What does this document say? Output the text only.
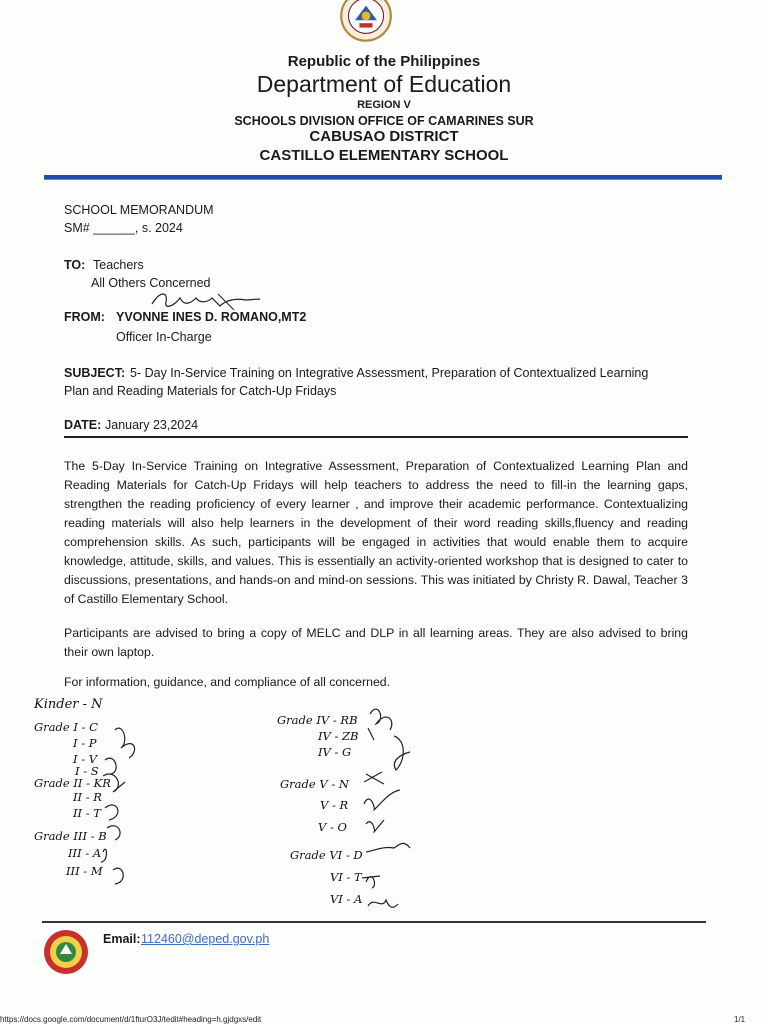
Republic of the Philippines
Department of Education
REGION V
SCHOOLS DIVISION OFFICE OF CAMARINES SUR
CABUSAO DISTRICT
CASTILLO ELEMENTARY SCHOOL
SCHOOL MEMORANDUM
SM# ______, s. 2024
TO: Teachers
All Others Concerned
FROM: YVONNE INES D. ROMANO,MT2
Officer In-Charge
SUBJECT: 5- Day In-Service Training on Integrative Assessment, Preparation of Contextualized Learning
Plan and Reading Materials for Catch-Up Fridays
DATE: January 23,2024
The 5-Day In-Service Training on Integrative Assessment, Preparation of Contextualized Learning Plan and Reading Materials for Catch-Up Fridays will help teachers to address the need to fill-in the learning gaps, strengthen the reading proficiency of every learner , and improve their academic performance. Contextualizing reading materials will also help learners in the development of their word reading skills,fluency and reading comprehension skills. As such, participants will be engaged in activities that would enable them to acquire knowledge, attitude, skills, and values. This is essentially an activity-oriented workshop that is designed to cater to discussions, presentations, and hands-on and mind-on sessions. This was initiated by Christy R. Dawal, Teacher 3 of Castillo Elementary School.
Participants are advised to bring a copy of MELC and DLP in all learning areas. They are also advised to bring their own laptop.
For information, guidance, and compliance of all concerned.
Kinder - N
Grade I - C
I - P
I - V
I - S
Grade II - KR
II - R
II - T
Grade III - B
III - A
III - M
Grade IV - RB
IV - ZB
IV - G
Grade V - N
V - R
V - O
Grade VI - D
VI - T
VI - A
Email: 112460@deped.gov.ph
https://docs.google.com/document/d/1fturO3J/tedit#heading=h.gjdgxs/edit	1/1
